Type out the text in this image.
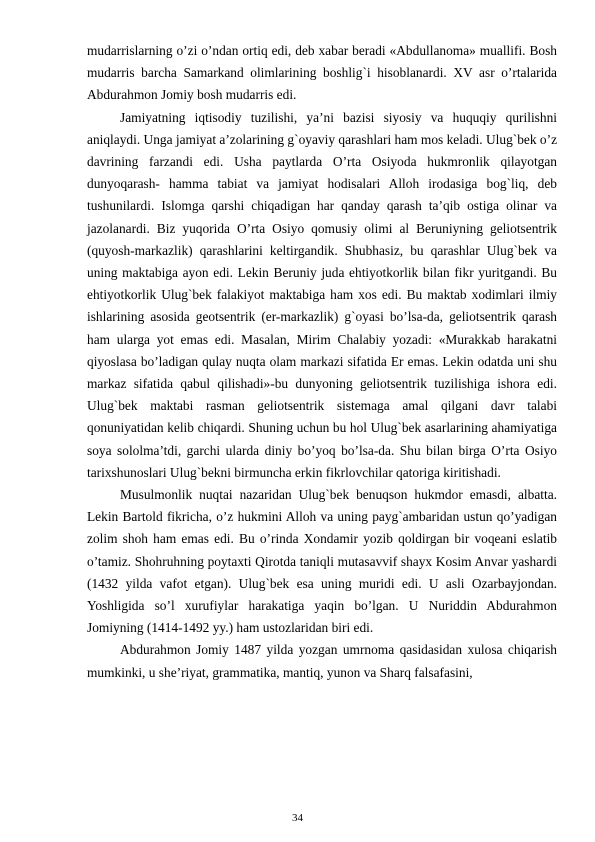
mudarrislarning o’zi o’ndan ortiq edi, deb xabar beradi «Abdullanoma» muallifi. Bosh mudarris barcha Samarkand olimlarining boshlig`i hisoblanardi. XV asr o’rtalarida Abdurahmon Jomiy bosh mudarris edi.

Jamiyatning iqtisodiy tuzilishi, ya’ni bazisi siyosiy va huquqiy qurilishni aniqlaydi. Unga jamiyat a’zolarining g`oyaviy qarashlari ham mos keladi. Ulug`bek o’z davrining farzandi edi. Usha paytlarda O’rta Osiyoda hukmronlik qilayotgan dunyoqarash- hamma tabiat va jamiyat hodisalari Alloh irodasiga bog`liq, deb tushunilardi. Islomga qarshi chiqadigan har qanday qarash ta’qib ostiga olinar va jazolanardi. Biz yuqorida O’rta Osiyo qomusiy olimi al Beruniyning geliotsentrik (quyosh-markazlik) qarashlarini keltirgandik. Shubhasiz, bu qarashlar Ulug`bek va uning maktabiga ayon edi. Lekin Beruniy juda ehtiyotkorlik bilan fikr yuritgandi. Bu ehtiyotkorlik Ulug`bek falakiyot maktabiga ham xos edi. Bu maktab xodimlari ilmiy ishlarining asosida geotsentrik (er-markazlik) g`oyasi bo’lsa-da, geliotsentrik qarash ham ularga yot emas edi. Masalan, Mirim Chalabiy yozadi: «Murakkab harakatni qiyoslasa bo’ladigan qulay nuqta olam markazi sifatida Er emas. Lekin odatda uni shu markaz sifatida qabul qilishadi»-bu dunyoning geliotsentrik tuzilishiga ishora edi. Ulug`bek maktabi rasman geliotsentrik sistemaga amal qilgani davr talabi qonuniyatidan kelib chiqardi. Shuning uchun bu hol Ulug`bek asarlarining ahamiyatiga soya sololma’tdi, garchi ularda diniy bo’yoq bo’lsa-da. Shu bilan birga O’rta Osiyo tarixshunoslari Ulug`bekni birmuncha erkin fikrlovchilar qatoriga kiritishadi.

Musulmonlik nuqtai nazaridan Ulug`bek benuqson hukmdor emasdi, albatta. Lekin Bartold fikricha, o’z hukmini Alloh va uning payg`ambaridan ustun qo’yadigan zolim shoh ham emas edi. Bu o’rinda Xondamir yozib qoldirgan bir voqeani eslatib o’tamiz. Shohruhning poytaxti Qirotda taniqli mutasavvif shayx Kosim Anvar yashardi (1432 yilda vafot etgan). Ulug`bek esa uning muridi edi. U asli Ozarbayjondan. Yoshligida so’l xurufiylar harakatiga yaqin bo’lgan. U Nuriddin Abdurahmon Jomiyning (1414-1492 yy.) ham ustozlaridan biri edi.

Abdurahmon Jomiy 1487 yilda yozgan umrnoma qasidasidan xulosa chiqarish mumkinki, u she’riyat, grammatika, mantiq, yunon va Sharq falsafasini,

34
